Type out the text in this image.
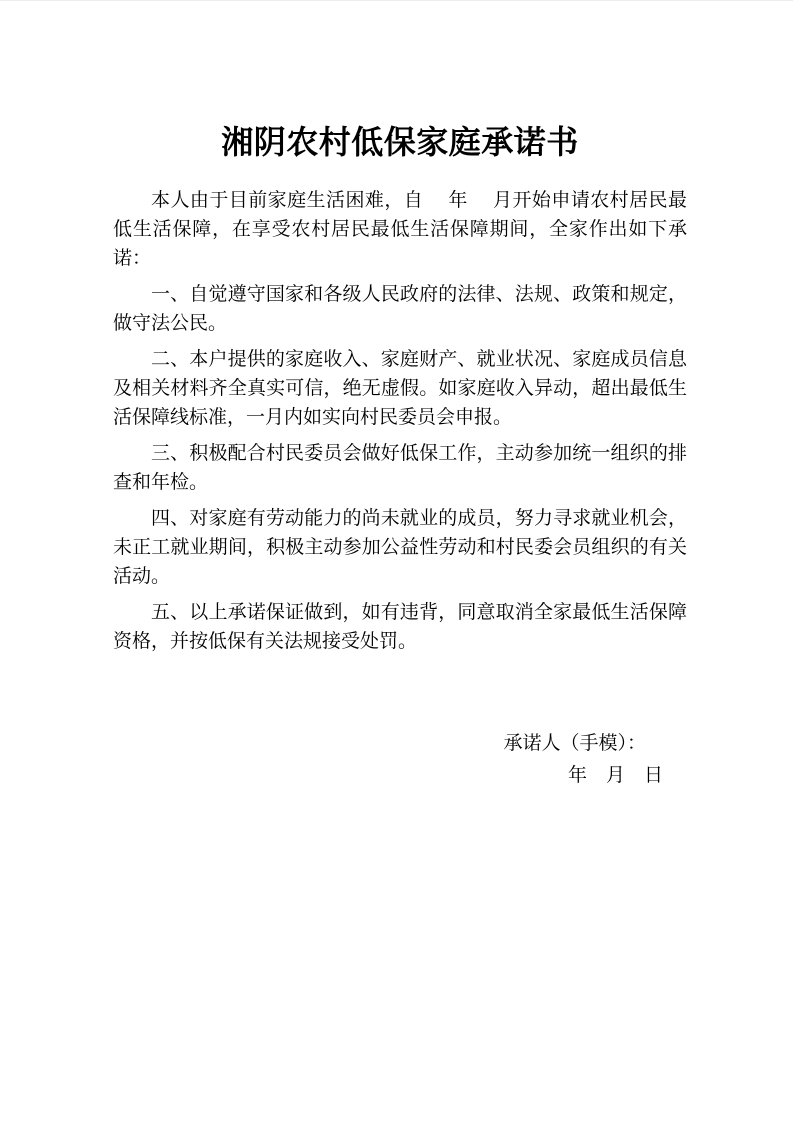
湘阴农村低保家庭承诺书

本人由于目前家庭生活困难，自　 年　 月开始申请农村居民最低生活保障，在享受农村居民最低生活保障期间，全家作出如下承诺：

一、自觉遵守国家和各级人民政府的法律、法规、政策和规定，做守法公民。

二、本户提供的家庭收入、家庭财产、就业状况、家庭成员信息及相关材料齐全真实可信，绝无虚假。如家庭收入异动，超出最低生活保障线标准，一月内如实向村民委员会申报。

三、积极配合村民委员会做好低保工作，主动参加统一组织的排查和年检。

四、对家庭有劳动能力的尚未就业的成员，努力寻求就业机会，未正工就业期间，积极主动参加公益性劳动和村民委会员组织的有关活动。

五、以上承诺保证做到，如有违背，同意取消全家最低生活保障资格，并按低保有关法规接受处罚。

承诺人（手模）：
年　月　日
